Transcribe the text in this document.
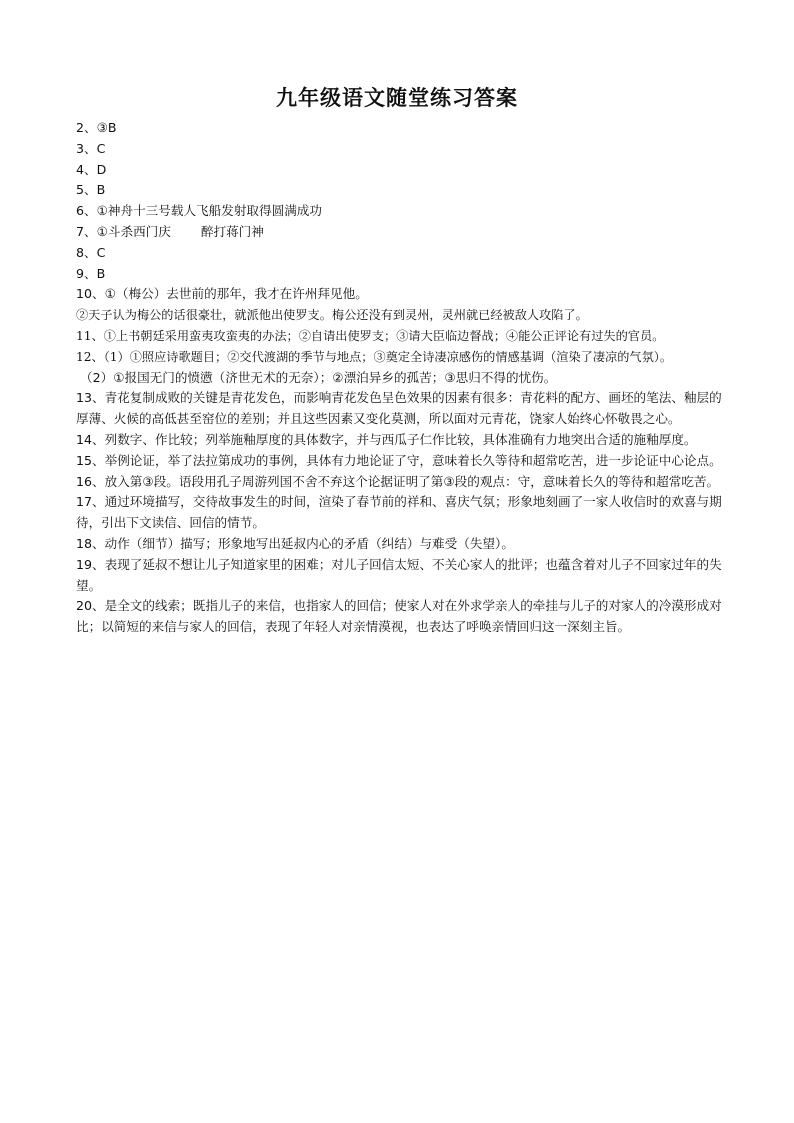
九年级语文随堂练习答案
2、③B
3、C
4、D
5、B
6、①神舟十三号载人飞船发射取得圆满成功
7、①斗杀西门庆 醉打蒋门神
8、C
9、B
10、①（梅公）去世前的那年，我才在许州拜见他。
②天子认为梅公的话很豪壮，就派他出使罗支。梅公还没有到灵州，灵州就已经被敌人攻陷了。
11、①上书朝廷采用蛮夷攻蛮夷的办法；②自请出使罗支；③请大臣临边督战；④能公正评论有过失的官员。
12、（1）①照应诗歌题目；②交代渡湖的季节与地点；③奠定全诗凄凉感伤的情感基调（渲染了凄凉的气氛）。
（2）①报国无门的愤懑（济世无术的无奈）；②漂泊异乡的孤苦；③思归不得的忧伤。
13、青花复制成败的关键是青花发色，而影响青花发色呈色效果的因素有很多：青花料的配方、画坯的笔法、釉层的厚薄、火候的高低甚至窑位的差别；并且这些因素又变化莫测，所以面对元青花，饶家人始终心怀敬畏之心。
14、列数字、作比较；列举施釉厚度的具体数字，并与西瓜子仁作比较，具体准确有力地突出合适的施釉厚度。
15、举例论证，举了法拉第成功的事例，具体有力地论证了守，意味着长久等待和超常吃苦，进一步论证中心论点。
16、放入第③段。语段用孔子周游列国不舍不弃这个论据证明了第③段的观点：守，意味着长久的等待和超常吃苦。
17、通过环境描写，交待故事发生的时间，渲染了春节前的祥和、喜庆气氛；形象地刻画了一家人收信时的欢喜与期待，引出下文读信、回信的情节。
18、动作（细节）描写；形象地写出延叔内心的矛盾（纠结）与难受（失望）。
19、表现了延叔不想让儿子知道家里的困难；对儿子回信太短、不关心家人的批评；也蕴含着对儿子不回家过年的失望。
20、是全文的线索；既指儿子的来信，也指家人的回信；使家人对在外求学亲人的牵挂与儿子的对家人的冷漠形成对比；以简短的来信与家人的回信，表现了年轻人对亲情漠视，也表达了呼唤亲情回归这一深刻主旨。
